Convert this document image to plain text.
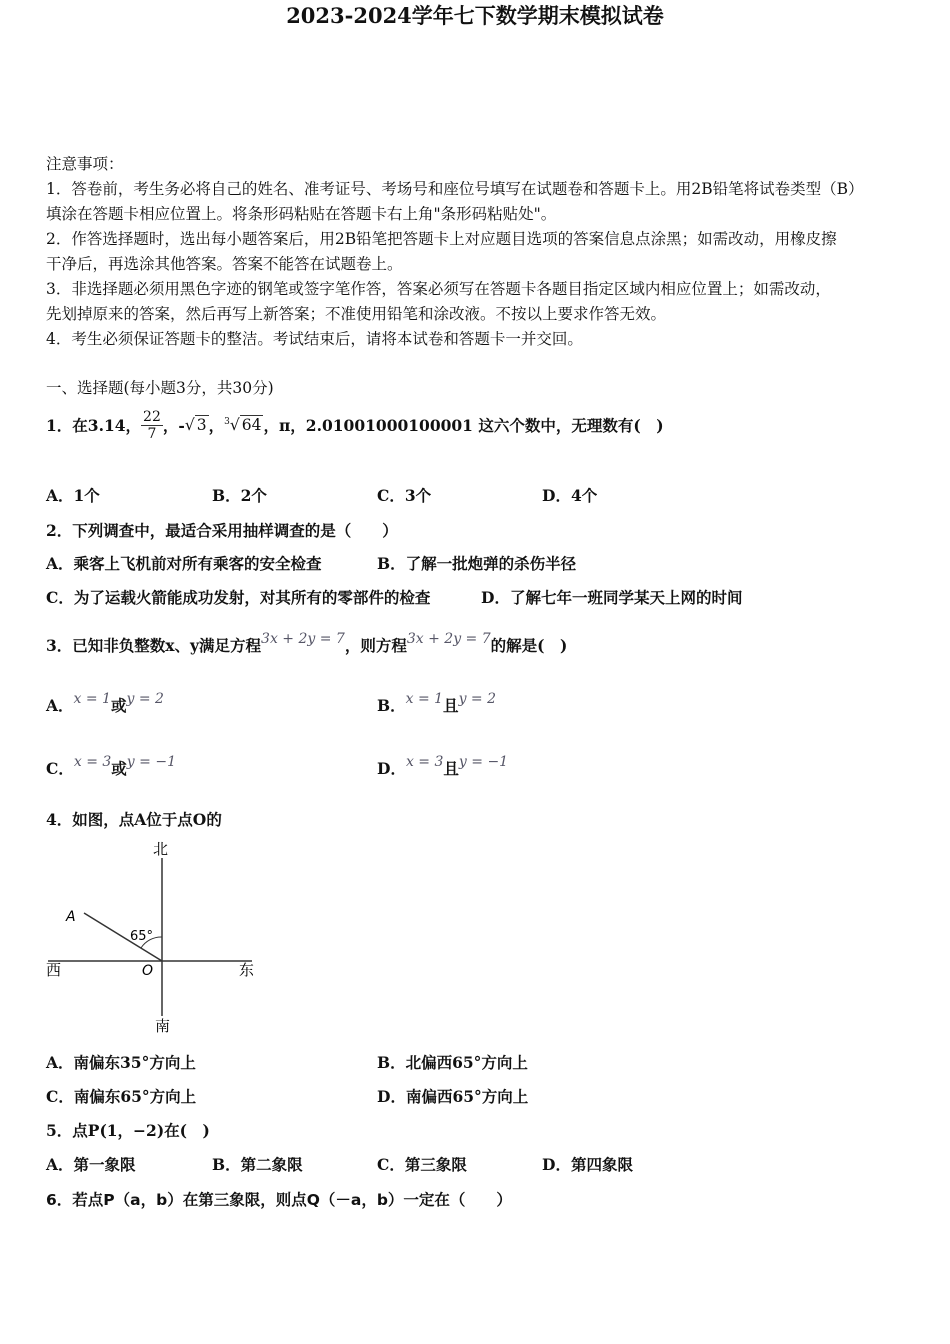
2023-2024学年七下数学期末模拟试卷
注意事项：
1．答卷前，考生务必将自己的姓名、准考证号、考场号和座位号填写在试题卷和答题卡上。用2B铅笔将试卷类型（B）
填涂在答题卡相应位置上。将条形码粘贴在答题卡右上角"条形码粘贴处"。
2．作答选择题时，选出每小题答案后，用2B铅笔把答题卡上对应题目选项的答案信息点涂黑；如需改动，用橡皮擦
干净后，再选涂其他答案。答案不能答在试题卷上。
3．非选择题必须用黑色字迹的钢笔或签字笔作答，答案必须写在答题卡各题目指定区域内相应位置上；如需改动，
先划掉原来的答案，然后再写上新答案；不准使用铅笔和涂改液。不按以上要求作答无效。
4．考生必须保证答题卡的整洁。考试结束后，请将本试卷和答题卡一并交回。
一、选择题(每小题3分，共30分)
1．在3.14， $\frac{22}{7}$ ，- √ 3 ， $^3$√ 64 ，π，2.01001000100001 这六个数中，无理数有(　)
A．1个	B．2个	C．3个	D．4个
2．下列调查中，最适合采用抽样调查的是（　　）
A．乘客上飞机前对所有乘客的安全检查	B．了解一批炮弹的杀伤半径
C．为了运载火箭能成功发射，对其所有的零部件的检查	D．了解七年一班同学某天上网的时间
3．已知非负整数x、y满足方程3x + 2y = 7，则方程3x + 2y = 7的解是(　)
A．x = 1或y = 2	B．x = 1且y = 2
C．x = 3或y = −1	D．x = 3且y = −1
4．如图，点A位于点O的
北
南
西	东
A
O
65°
A．南偏东35°方向上	B．北偏西65°方向上
C．南偏东65°方向上	D．南偏西65°方向上
5．点P(1，−2)在(　)
A．第一象限	B．第二象限	C．第三象限	D．第四象限
6．若点P（a，b）在第三象限，则点Q（－a，b）一定在（　　）
